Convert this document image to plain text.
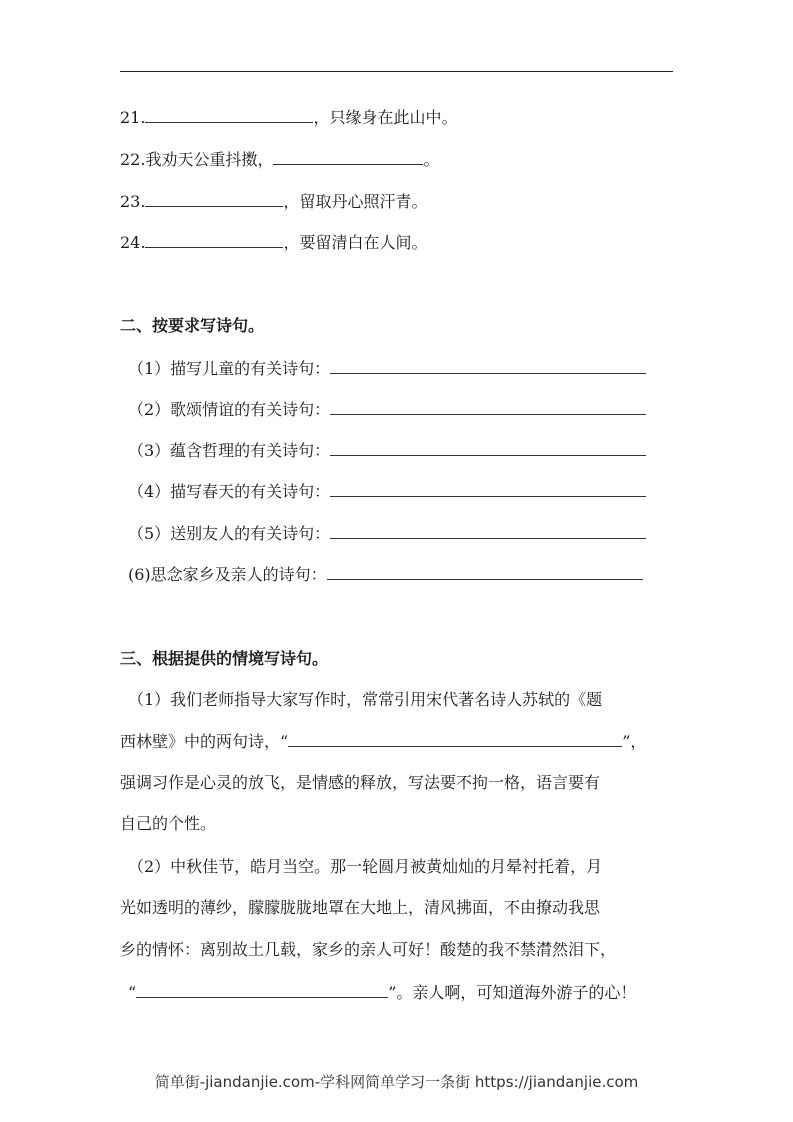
21.	，只缘身在此山中。
22.我劝天公重抖擞，	。
23.	，留取丹心照汗青。
24.	，要留清白在人间。
二、按要求写诗句。
（1）描写儿童的有关诗句：
（2）歌颂情谊的有关诗句：
（3）蕴含哲理的有关诗句：
（4）描写春天的有关诗句：
（5）送别友人的有关诗句：
(6)思念家乡及亲人的诗句：
三、根据提供的情境写诗句。
（1）我们老师指导大家写作时，常常引用宋代著名诗人苏轼的《题
西林壁》中的两句诗，“	”，
强调习作是心灵的放飞，是情感的释放，写法要不拘一格，语言要有
自己的个性。
（2）中秋佳节，皓月当空。那一轮圆月被黄灿灿的月晕衬托着，月
光如透明的薄纱，朦朦胧胧地罩在大地上，清风拂面，不由撩动我思
乡的情怀：离别故土几载，家乡的亲人可好！酸楚的我不禁潸然泪下，
“	”。亲人啊，可知道海外游子的心！
简单街-jiandanjie.com-学科网简单学习一条街 https://jiandanjie.com
